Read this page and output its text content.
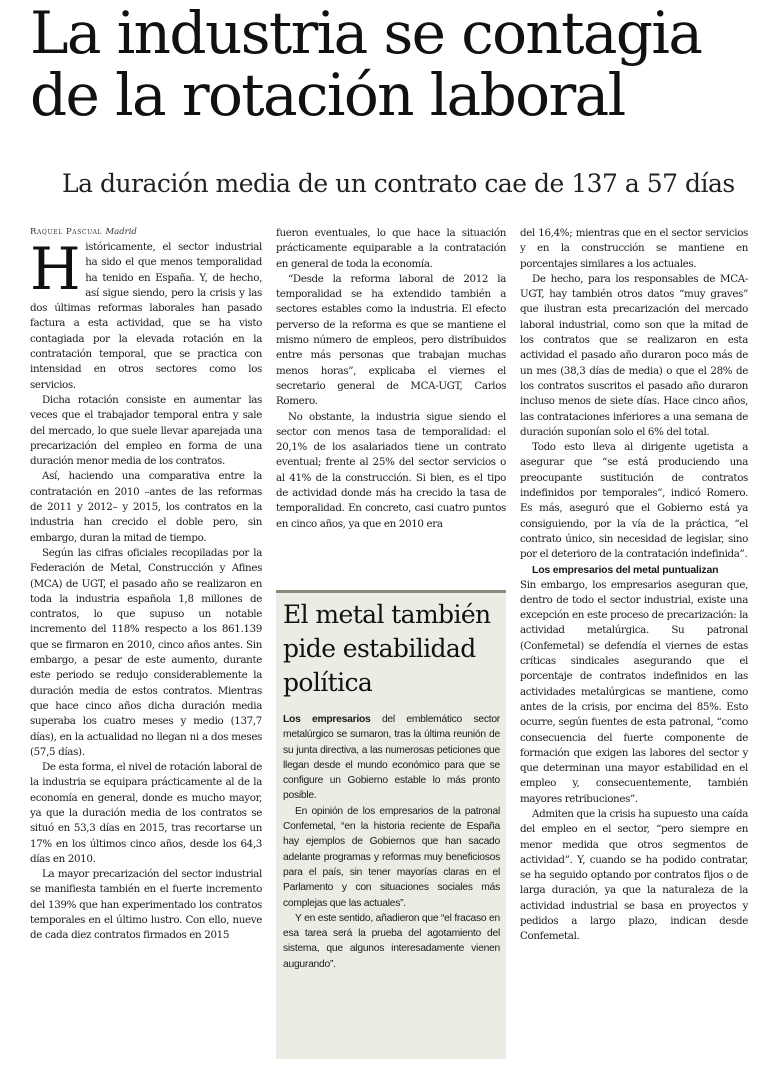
La industria se contagia de la rotación laboral
La duración media de un contrato cae de 137 a 57 días
Raquel Pascual Madrid

Históricamente, el sector industrial ha sido el que menos temporalidad ha tenido en España. Y, de hecho, así sigue siendo, pero la crisis y las dos últimas reformas laborales han pasado factura a esta actividad, que se ha visto contagiada por la elevada rotación en la contratación temporal, que se practica con intensidad en otros sectores como los servicios.

Dicha rotación consiste en aumentar las veces que el trabajador temporal entra y sale del mercado, lo que suele llevar aparejada una precarización del empleo en forma de una duración menor media de los contratos.

Así, haciendo una comparativa entre la contratación en 2010 –antes de las reformas de 2011 y 2012– y 2015, los contratos en la industria han crecido el doble pero, sin embargo, duran la mitad de tiempo.

Según las cifras oficiales recopiladas por la Federación de Metal, Construcción y Afines (MCA) de UGT, el pasado año se realizaron en toda la industria española 1,8 millones de contratos, lo que supuso un notable incremento del 118% respecto a los 861.139 que se firmaron en 2010, cinco años antes. Sin embargo, a pesar de este aumento, durante este periodo se redujo considerablemente la duración media de estos contratos. Mientras que hace cinco años dicha duración media superaba los cuatro meses y medio (137,7 días), en la actualidad no llegan ni a dos meses (57,5 días).

De esta forma, el nivel de rotación laboral de la industria se equipara prácticamente al de la economía en general, donde es mucho mayor, ya que la duración media de los contratos se situó en 53,3 días en 2015, tras recortarse un 17% en los últimos cinco años, desde los 64,3 días en 2010.

La mayor precarización del sector industrial se manifiesta también en el fuerte incremento del 139% que han experimentado los contratos temporales en el último lustro. Con ello, nueve de cada diez contratos firmados en 2015

fueron eventuales, lo que hace la situación prácticamente equiparable a la contratación en general de toda la economía.

“Desde la reforma laboral de 2012 la temporalidad se ha extendido también a sectores estables como la industria. El efecto perverso de la reforma es que se mantiene el mismo número de empleos, pero distribuidos entre más personas que trabajan muchas menos horas”, explicaba el viernes el secretario general de MCA-UGT, Carlos Romero.

No obstante, la industria sigue siendo el sector con menos tasa de temporalidad: el 20,1% de los asalariados tiene un contrato eventual; frente al 25% del sector servicios o al 41% de la construcción. Si bien, es el tipo de actividad donde más ha crecido la tasa de temporalidad. En concreto, casi cuatro puntos en cinco años, ya que en 2010 era

El metal también pide estabilidad política

Los empresarios del emblemático sector metalúrgico se sumaron, tras la última reunión de su junta directiva, a las numerosas peticiones que llegan desde el mundo económico para que se configure un Gobierno estable lo más pronto posible.

En opinión de los empresarios de la patronal Confemetal, “en la historia reciente de España hay ejemplos de Gobiernos que han sacado adelante programas y reformas muy beneficiosos para el país, sin tener mayorías claras en el Parlamento y con situaciones sociales más complejas que las actuales”.

Y en este sentido, añadieron que “el fracaso en esa tarea será la prueba del agotamiento del sistema, que algunos interesadamente vienen augurando”.

del 16,4%; mientras que en el sector servicios y en la construcción se mantiene en porcentajes similares a los actuales.

De hecho, para los responsables de MCA-UGT, hay también otros datos “muy graves” que ilustran esta precarización del mercado laboral industrial, como son que la mitad de los contratos que se realizaron en esta actividad el pasado año duraron poco más de un mes (38,3 días de media) o que el 28% de los contratos suscritos el pasado año duraron incluso menos de siete días. Hace cinco años, las contrataciones inferiores a una semana de duración suponían solo el 6% del total.

Todo esto lleva al dirigente ugetista a asegurar que “se está produciendo una preocupante sustitución de contratos indefinidos por temporales”, indicó Romero. Es más, aseguró que el Gobierno está ya consiguiendo, por la vía de la práctica, “el contrato único, sin necesidad de legislar, sino por el deterioro de la contratación indefinida”.

Los empresarios del metal puntualizan

Sin embargo, los empresarios aseguran que, dentro de todo el sector industrial, existe una excepción en este proceso de precarización: la actividad metalúrgica. Su patronal (Confemetal) se defendía el viernes de estas críticas sindicales asegurando que el porcentaje de contratos indefinidos en las actividades metalúrgicas se mantiene, como antes de la crisis, por encima del 85%. Esto ocurre, según fuentes de esta patronal, “como consecuencia del fuerte componente de formación que exigen las labores del sector y que determinan una mayor estabilidad en el empleo y, consecuentemente, también mayores retribuciones”.

Admiten que la crisis ha supuesto una caída del empleo en el sector, “pero siempre en menor medida que otros segmentos de actividad”. Y, cuando se ha podido contratar, se ha seguido optando por contratos fijos o de larga duración, ya que la naturaleza de la actividad industrial se basa en proyectos y pedidos a largo plazo, indican desde Confemetal.
